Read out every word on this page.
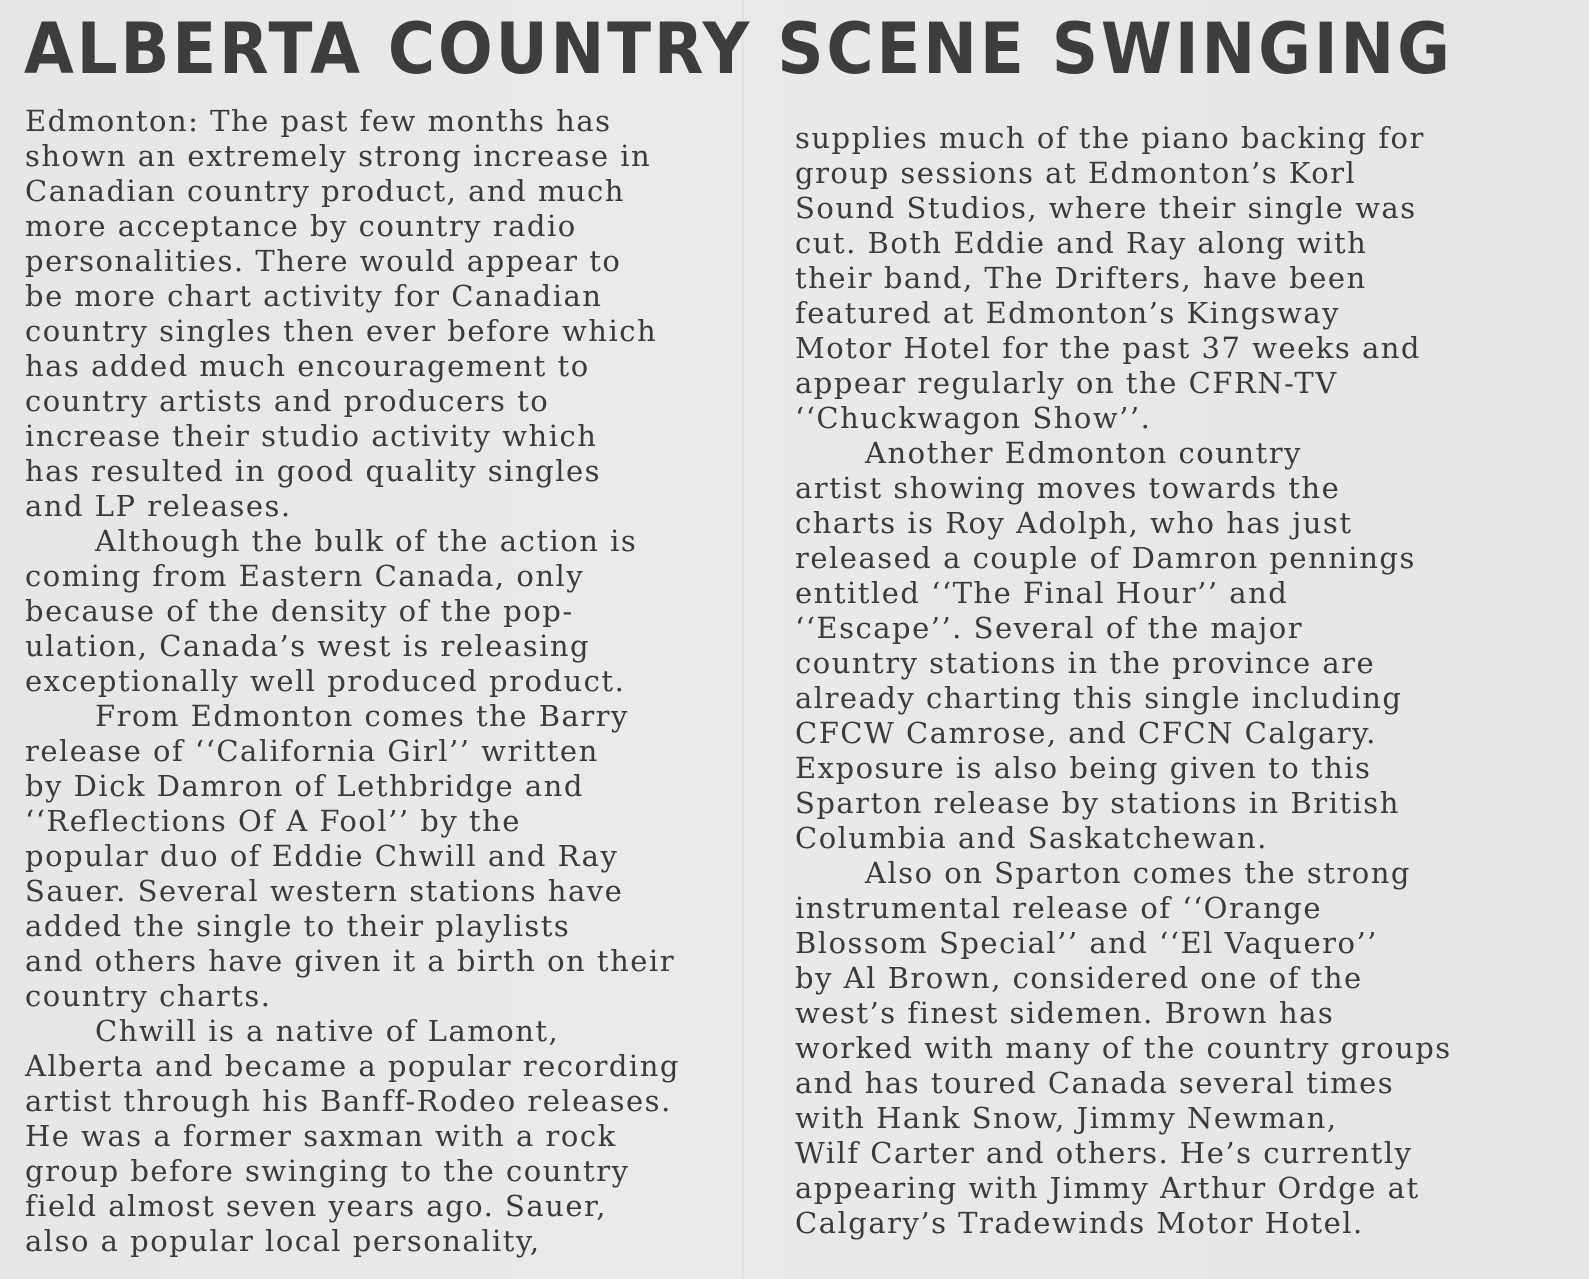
ALBERTA COUNTRY SCENE SWINGING

Edmonton: The past few months has

shown an extremely strong increase in

Canadian country product, and much

more acceptance by country radio

personalities. There would appear to

be more chart activity for Canadian

country singles then ever before which

has added much encouragement to

country artists and producers to

increase their studio activity which

has resulted in good quality singles

and LP releases.

Although the bulk of the action is

coming from Eastern Canada, only

because of the density of the pop-

ulation, Canada’s west is releasing

exceptionally well produced product.

From Edmonton comes the Barry

release of ‘‘California Girl’’ written

by Dick Damron of Lethbridge and

‘‘Reflections Of A Fool’’ by the

popular duo of Eddie Chwill and Ray

Sauer. Several western stations have

added the single to their playlists

and others have given it a birth on their

country charts.

Chwill is a native of Lamont,

Alberta and became a popular recording

artist through his Banff-Rodeo releases.

He was a former saxman with a rock

group before swinging to the country

field almost seven years ago. Sauer,

also a popular local personality,

supplies much of the piano backing for

group sessions at Edmonton’s Korl

Sound Studios, where their single was

cut. Both Eddie and Ray along with

their band, The Drifters, have been

featured at Edmonton’s Kingsway

Motor Hotel for the past 37 weeks and

appear regularly on the CFRN-TV

‘‘Chuckwagon Show’’.

Another Edmonton country

artist showing moves towards the

charts is Roy Adolph, who has just

released a couple of Damron pennings

entitled ‘‘The Final Hour’’ and

‘‘Escape’’. Several of the major

country stations in the province are

already charting this single including

CFCW Camrose, and CFCN Calgary.

Exposure is also being given to this

Sparton release by stations in British

Columbia and Saskatchewan.

Also on Sparton comes the strong

instrumental release of ‘‘Orange

Blossom Special’’ and ‘‘El Vaquero’’

by Al Brown, considered one of the

west’s finest sidemen. Brown has

worked with many of the country groups

and has toured Canada several times

with Hank Snow, Jimmy Newman,

Wilf Carter and others. He’s currently

appearing with Jimmy Arthur Ordge at

Calgary’s Tradewinds Motor Hotel.
